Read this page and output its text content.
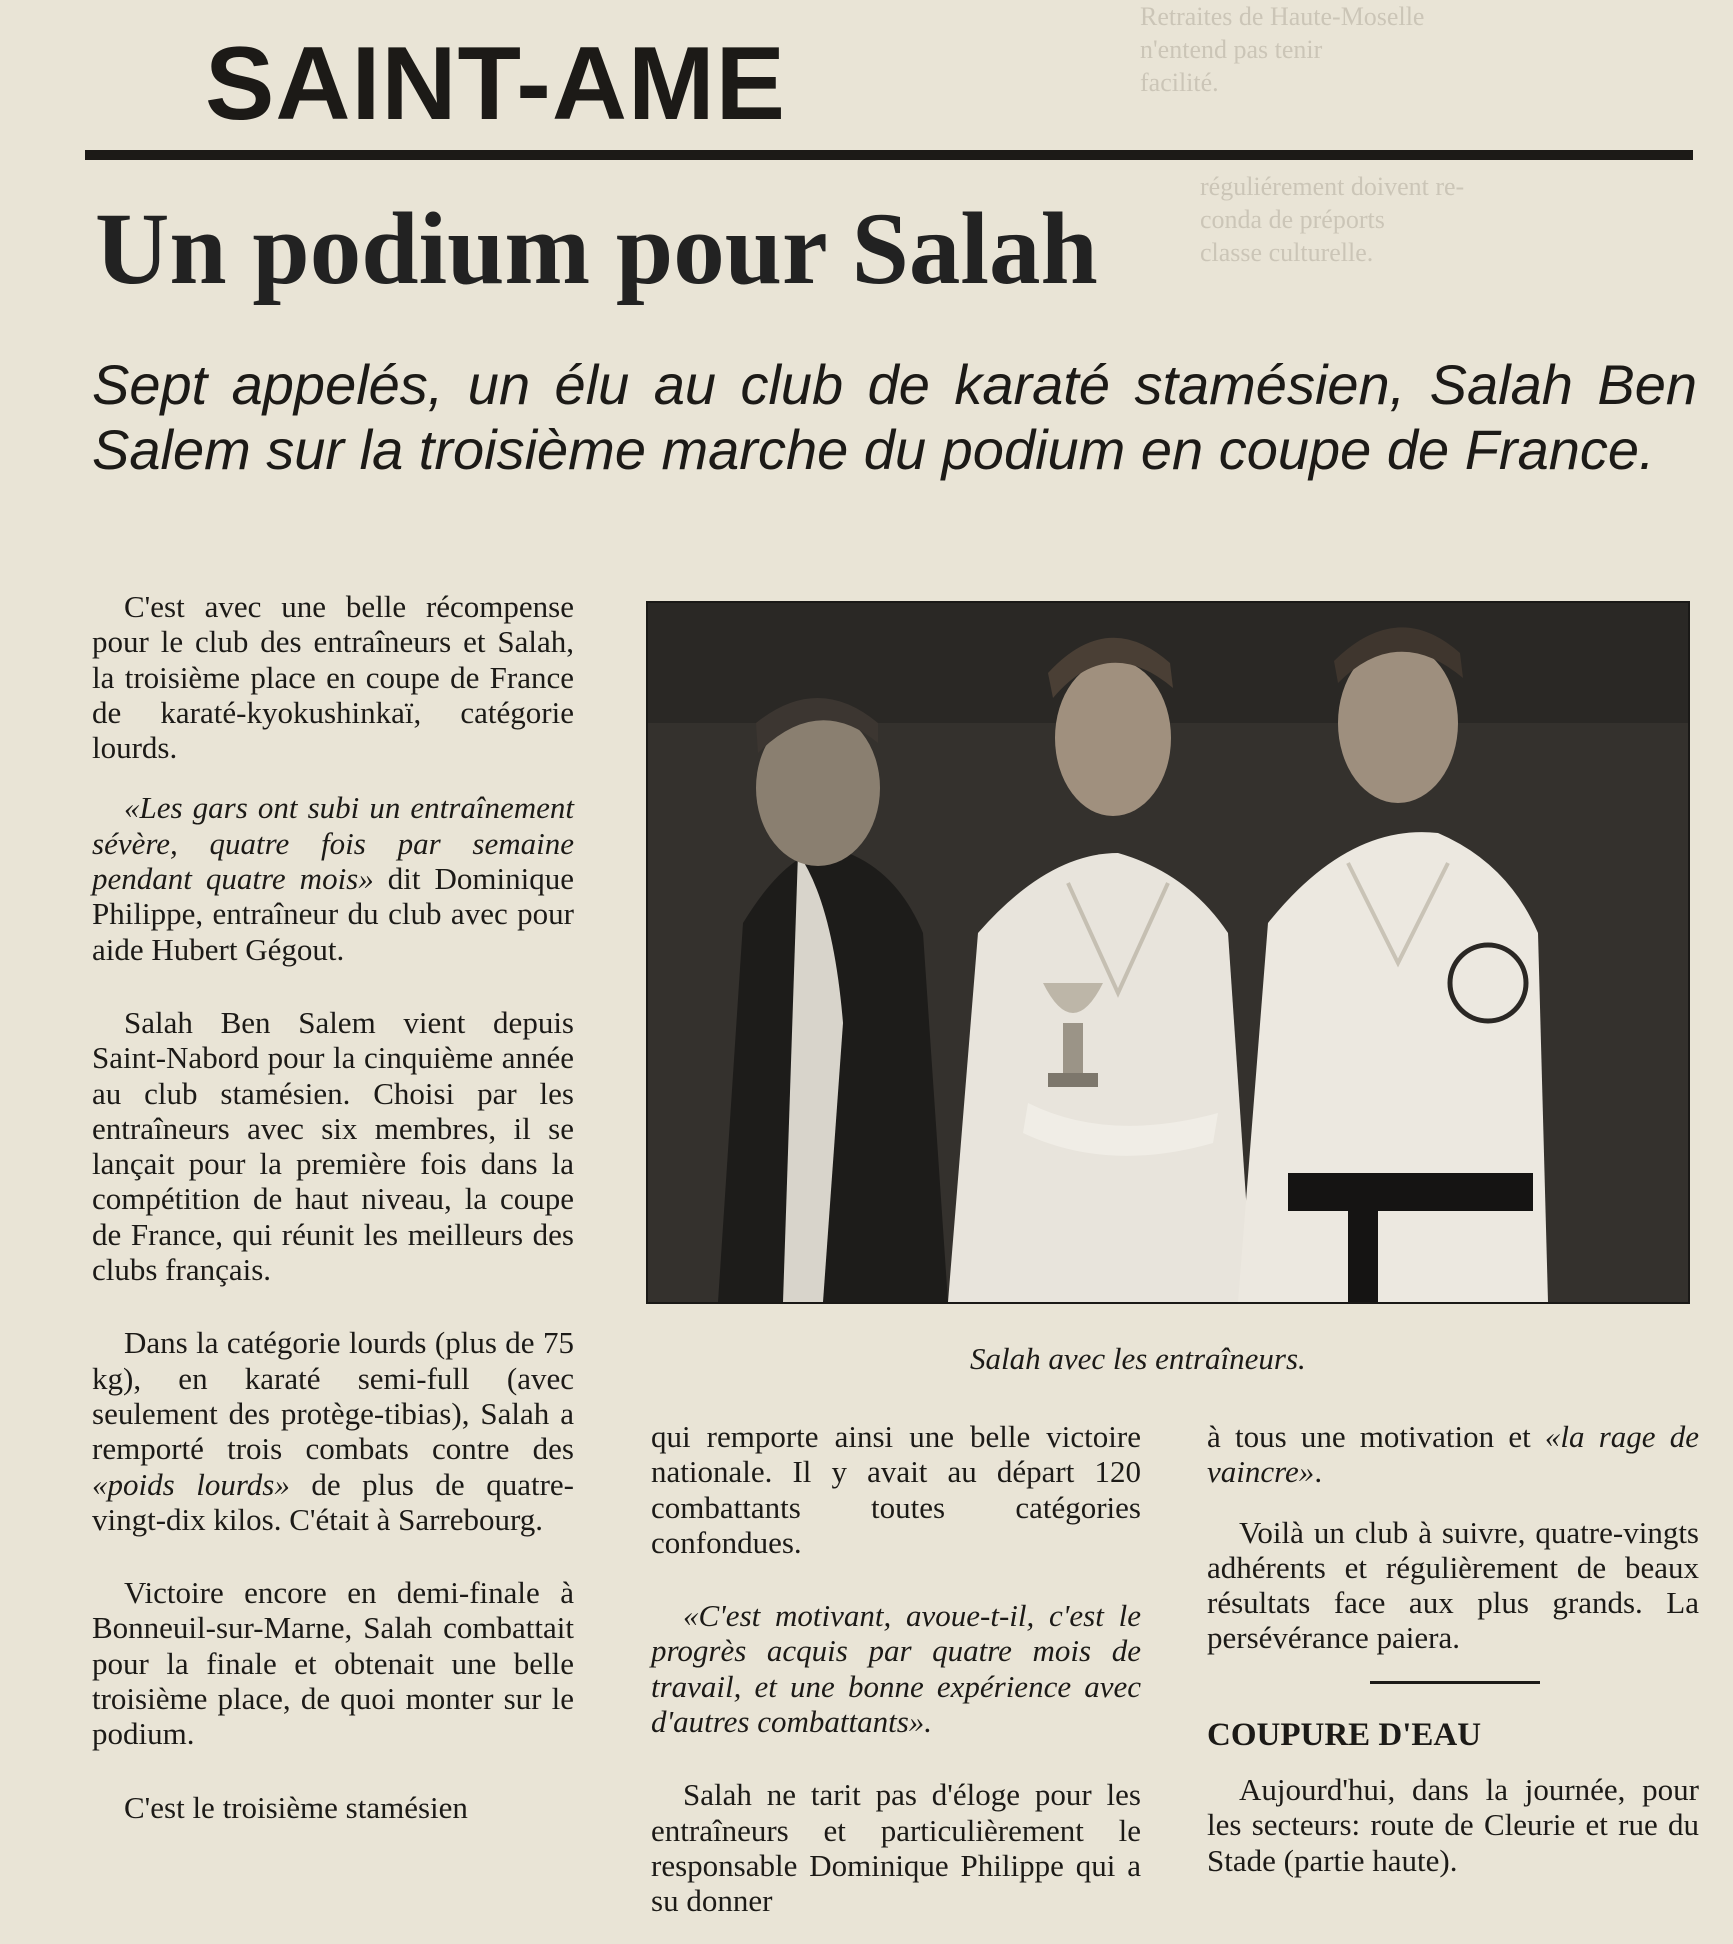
Retraites de Haute-Moselle
n'entend pas tenir
facilité.
réguliérement doivent re-
conda de préports
classe culturelle.
SAINT-AME
Un podium pour Salah
Sept appelés, un élu au club de karaté stamésien, Salah Ben Salem sur la troisième marche du podium en coupe de France.

C'est avec une belle récompense pour le club des entraîneurs et Salah, la troisième place en coupe de France de karaté-kyokushinkaï, catégorie lourds.

«Les gars ont subi un entraînement sévère, quatre fois par semaine pendant quatre mois» dit Dominique Philippe, entraîneur du club avec pour aide Hubert Gégout.

Salah Ben Salem vient depuis Saint-Nabord pour la cinquième année au club stamésien. Choisi par les entraîneurs avec six membres, il se lançait pour la première fois dans la compétition de haut niveau, la coupe de France, qui réunit les meilleurs des clubs français.

Dans la catégorie lourds (plus de 75 kg), en karaté semi-full (avec seulement des protège-tibias), Salah a remporté trois combats contre des «poids lourds» de plus de quatre-vingt-dix kilos. C'était à Sarrebourg.

Victoire encore en demi-finale à Bonneuil-sur-Marne, Salah combattait pour la finale et obtenait une belle troisième place, de quoi monter sur le podium.

C'est le troisième stamésien

Salah avec les entraîneurs.

qui remporte ainsi une belle victoire nationale. Il y avait au départ 120 combattants toutes catégories confondues.

«C'est motivant, avoue-t-il, c'est le progrès acquis par quatre mois de travail, et une bonne expérience avec d'autres combattants».

Salah ne tarit pas d'éloge pour les entraîneurs et particulièrement le responsable Dominique Philippe qui a su donner

à tous une motivation et «la rage de vaincre».

Voilà un club à suivre, quatre-vingts adhérents et régulièrement de beaux résultats face aux plus grands. La persévérance paiera.

COUPURE D'EAU

Aujourd'hui, dans la journée, pour les secteurs: route de Cleurie et rue du Stade (partie haute).
